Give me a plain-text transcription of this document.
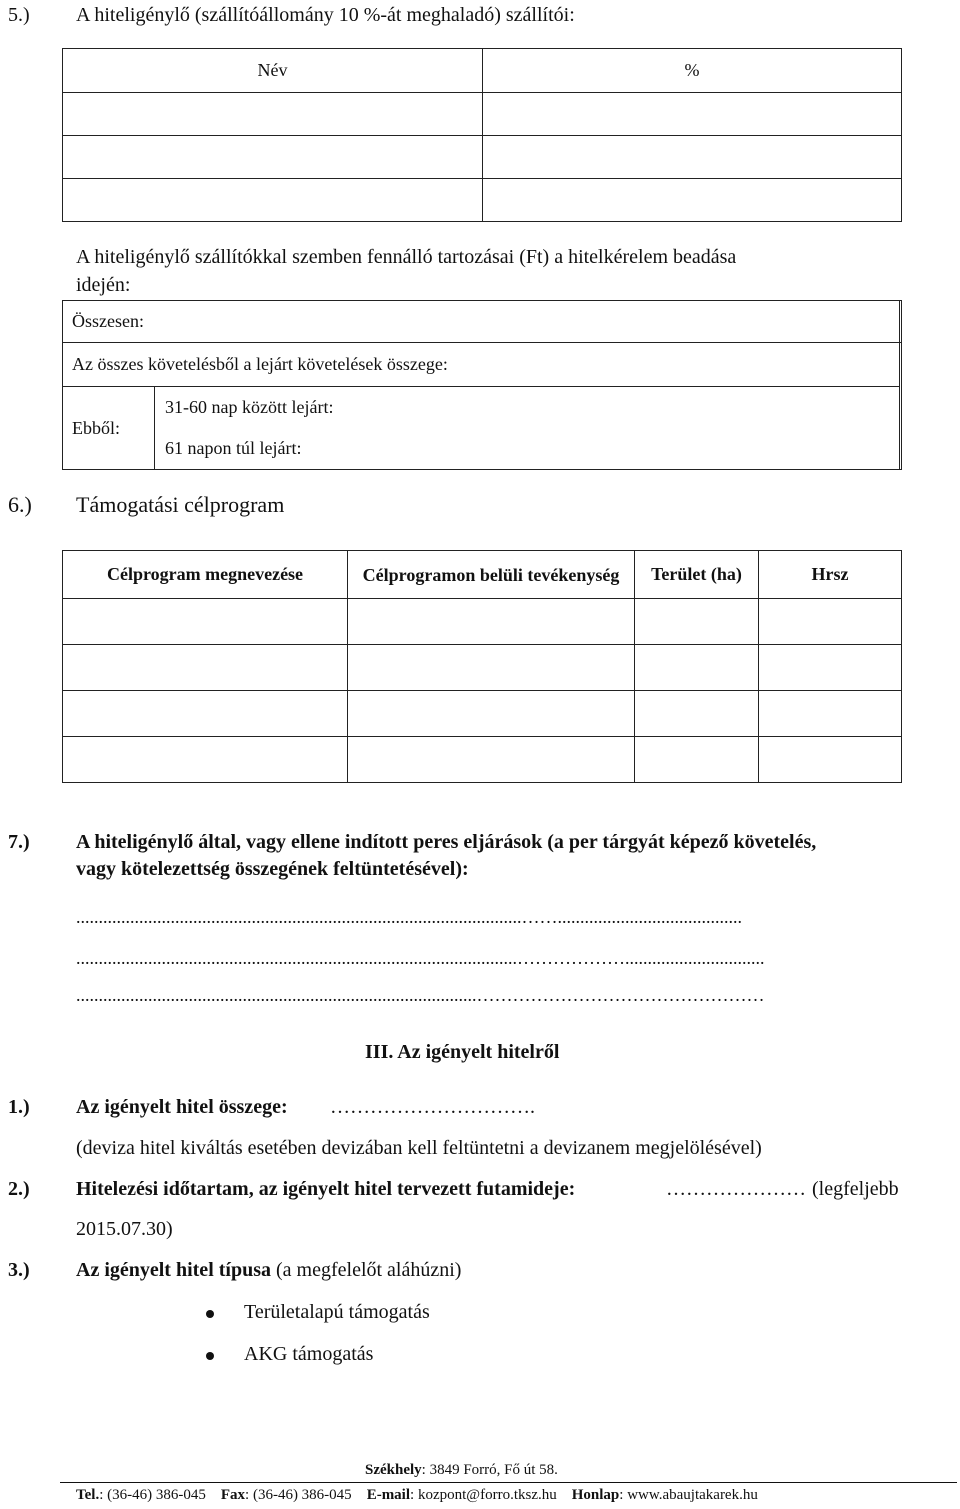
5.) A hiteligénylő (szállítóállomány 10 %-át meghaladó) szállítói:
Név	%

A hiteligénylő szállítókkal szemben fennálló tartozásai (Ft) a hitelkérelem beadása
idején:
Összesen:		
Az összes követelésből a lejárt követelések összege:		
Ebből:	31-60 nap között lejárt:
61 napon túl lejárt:	
6.) Támogatási célprogram
Célprogram megnevezése	Célprogramon belüli tevékenység	Terület (ha)	Hrsz

7.) A hiteligénylő által, vagy ellene indított peres eljárások (a per tárgyát képező követelés,
vagy kötelezettség összegének feltüntetésével):
...................................................................................................…….........................................
..................................................................................................………………...............................
.........................................................................................…………………………………………
III. Az igényelt hitelről
1.) Az igényelt hitel összege: ………………………….
(deviza hitel kiváltás esetében devizában kell feltüntetni a devizanem megjelölésével)
2.) Hitelezési időtartam, az igényelt hitel tervezett futamideje:	………………… (legfeljebb
2015.07.30)
3.) Az igényelt hitel típusa (a megfelelőt aláhúzni)
Területalapú támogatás
AKG támogatás
Székhely: 3849 Forró, Fő út 58.
Tel.: (36-46) 386-045 Fax: (36-46) 386-045 E-mail: kozpont@forro.tksz.hu Honlap: www.abaujtakarek.hu
